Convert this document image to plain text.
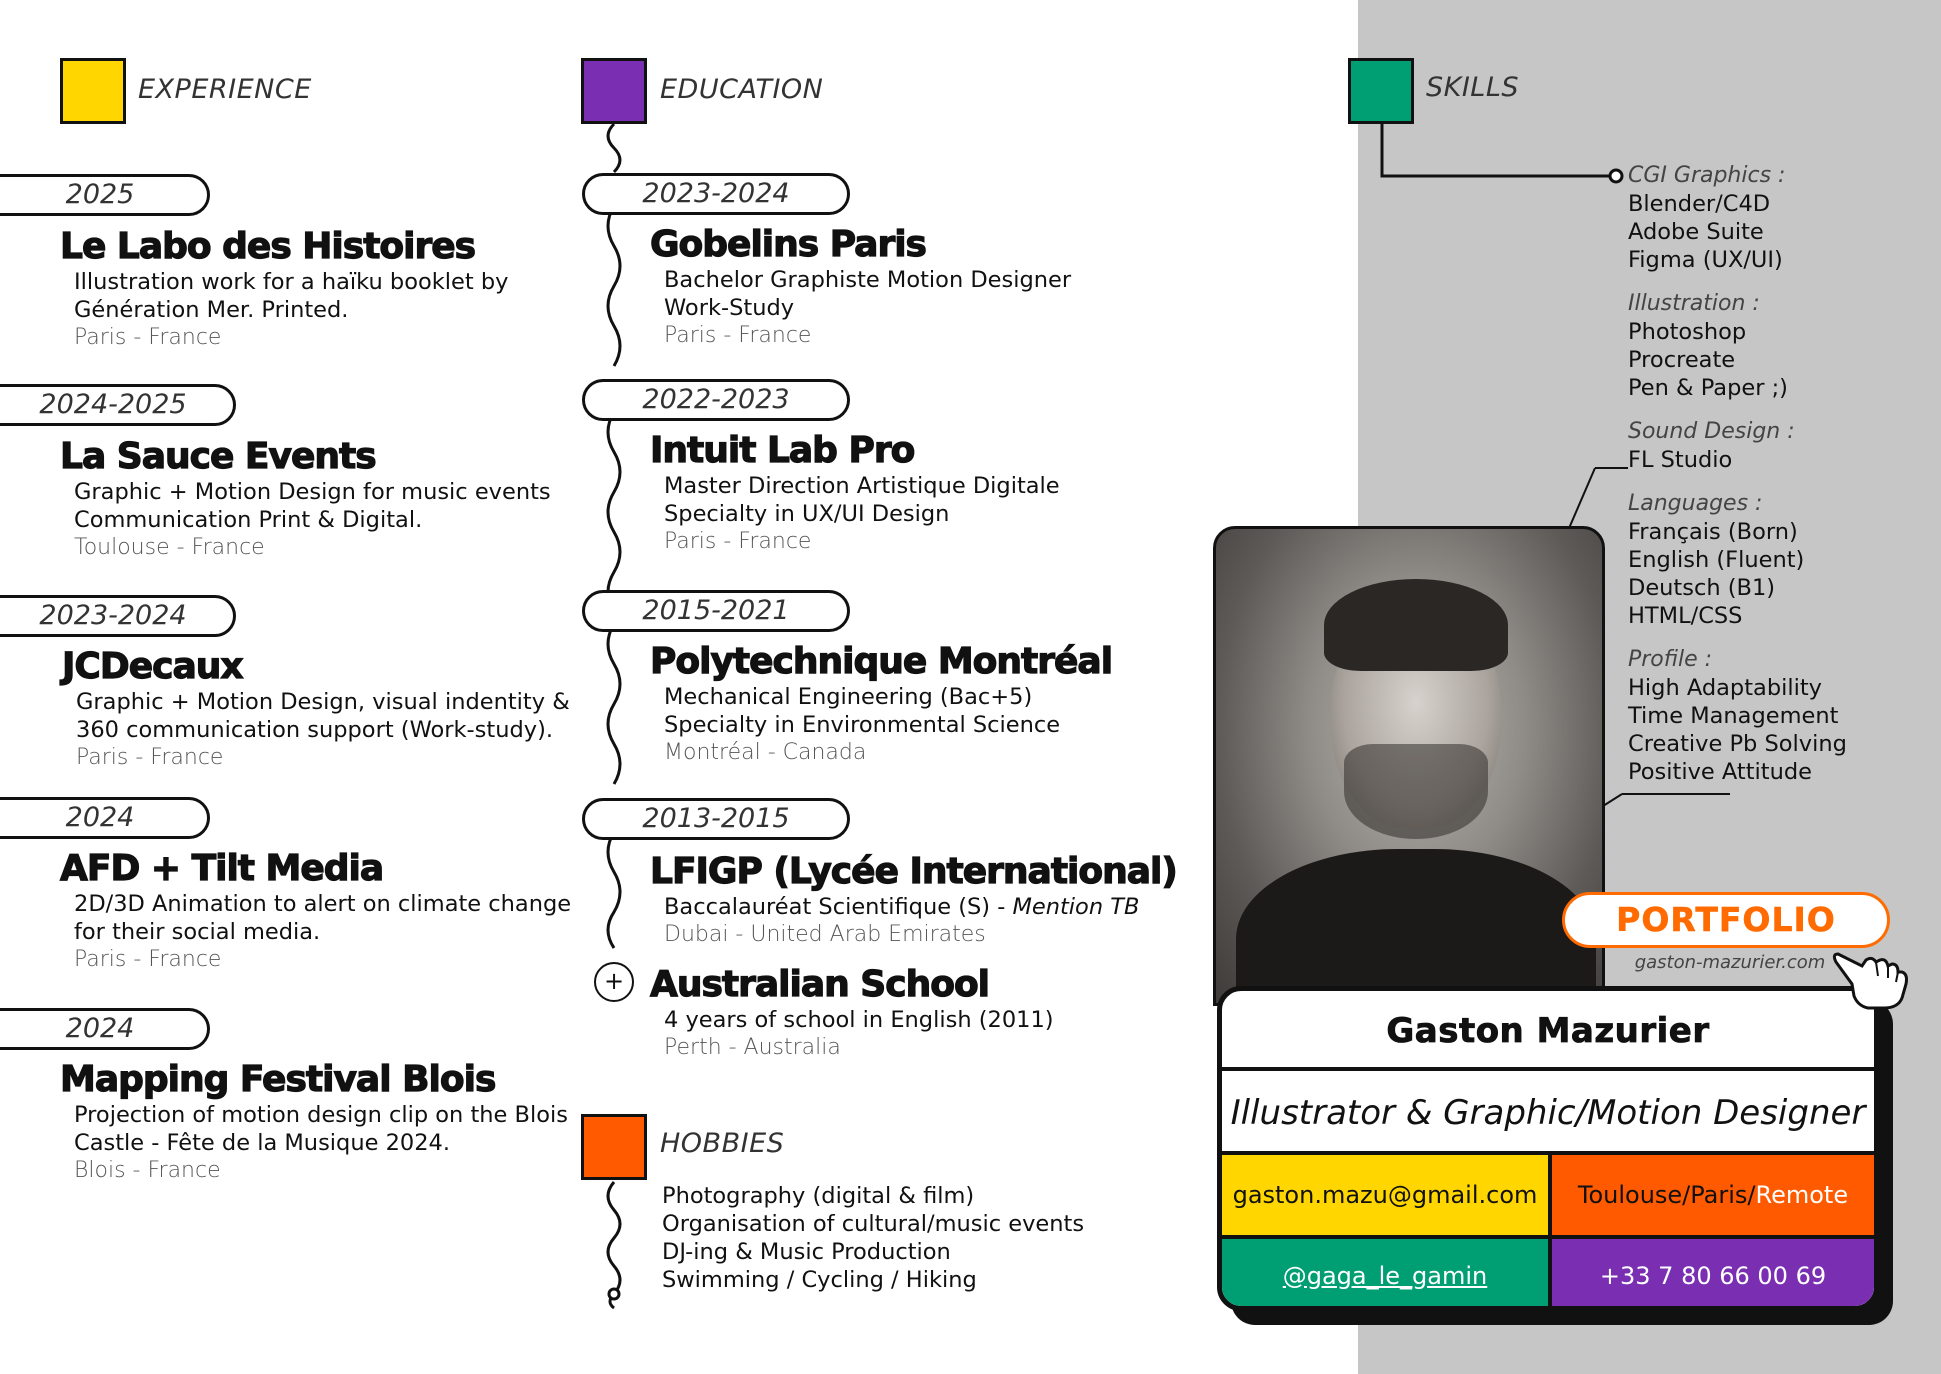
EXPERIENCE
2025
Le Labo des Histoires
Illustration work for a haïku booklet by
Génération Mer. Printed.
Paris - France
2024-2025
La Sauce Events
Graphic + Motion Design for music events
Communication Print & Digital.
Toulouse - France
2023-2024
JCDecaux
Graphic + Motion Design, visual indentity &
360 communication support (Work-study).
Paris - France
2024
AFD + Tilt Media
2D/3D Animation to alert on climate change
for their social media.
Paris - France
2024
Mapping Festival Blois
Projection of motion design clip on the Blois
Castle - Fête de la Musique 2024.
Blois - France
EDUCATION
2023-2024
Gobelins Paris
Bachelor Graphiste Motion Designer
Work-Study
Paris - France
2022-2023
Intuit Lab Pro
Master Direction Artistique Digitale
Specialty in UX/UI Design
Paris - France
2015-2021
Polytechnique Montréal
Mechanical Engineering (Bac+5)
Specialty in Environmental Science
Montréal - Canada
2013-2015
LFIGP (Lycée International)
Baccalauréat Scientifique (S) - Mention TB
Dubai - United Arab Emirates
+ Australian School
4 years of school in English (2011)
Perth - Australia
HOBBIES
Photography (digital & film)
Organisation of cultural/music events
DJ-ing & Music Production
Swimming / Cycling / Hiking
SKILLS
CGI Graphics :
Blender/C4D
Adobe Suite
Figma (UX/UI)
Illustration :
Photoshop
Procreate
Pen & Paper ;)
Sound Design :
FL Studio
Languages :
Français (Born)
English (Fluent)
Deutsch (B1)
HTML/CSS
Profile :
High Adaptability
Time Management
Creative Pb Solving
Positive Attitude
Gaston Mazurier
Illustrator & Graphic/Motion Designer
gaston.mazu@gmail.com Toulouse/Paris/ Remote
@gaga_le_gamin	+33 7 80 66 00 69
PORTFOLIO
gaston-mazurier.com
